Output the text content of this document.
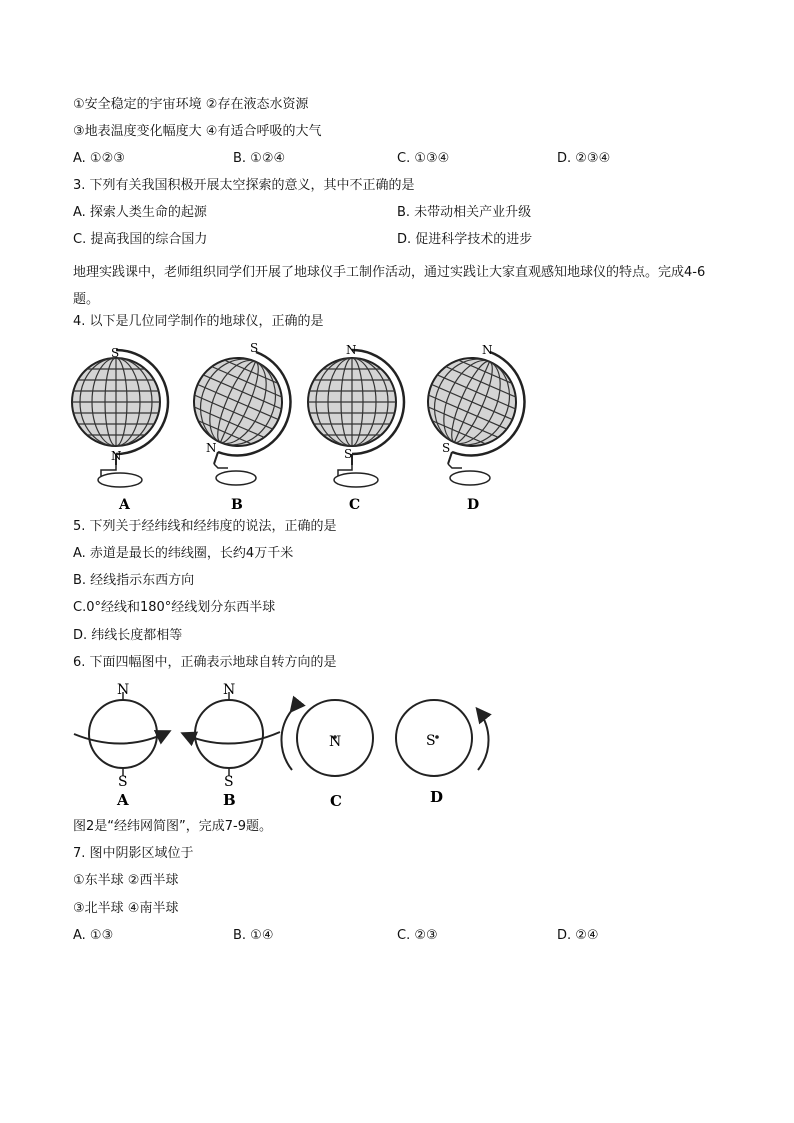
①安全稳定的宇宙环境 ②存在液态水资源
③地表温度变化幅度大 ④有适合呼吸的大气
A. ①②③	B. ①②④	C. ①③④	D. ②③④
3. 下列有关我国积极开展太空探索的意义，其中不正确的是
A. 探索人类生命的起源	B. 未带动相关产业升级
C. 提高我国的综合国力	D. 促进科学技术的进步
地理实践课中，老师组织同学们开展了地球仪手工制作活动，通过实践让大家直观感知地球仪的特点。完成4-6题。
4. 以下是几位同学制作的地球仪，正确的是
S
N
A
S
N
B
N
S
C
N
S
D
5. 下列关于经纬线和经纬度的说法，正确的是
A. 赤道是最长的纬线圈，长约4万千米
B. 经线指示东西方向
C.0°经线和180°经线划分东西半球
D. 纬线长度都相等
6. 下面四幅图中，正确表示地球自转方向的是
N
S
A
N
S
B
N
C
S
D
图2是“经纬网简图”，完成7-9题。
7. 图中阴影区域位于
①东半球 ②西半球
③北半球 ④南半球
A. ①③	B. ①④	C. ②③	D. ②④
